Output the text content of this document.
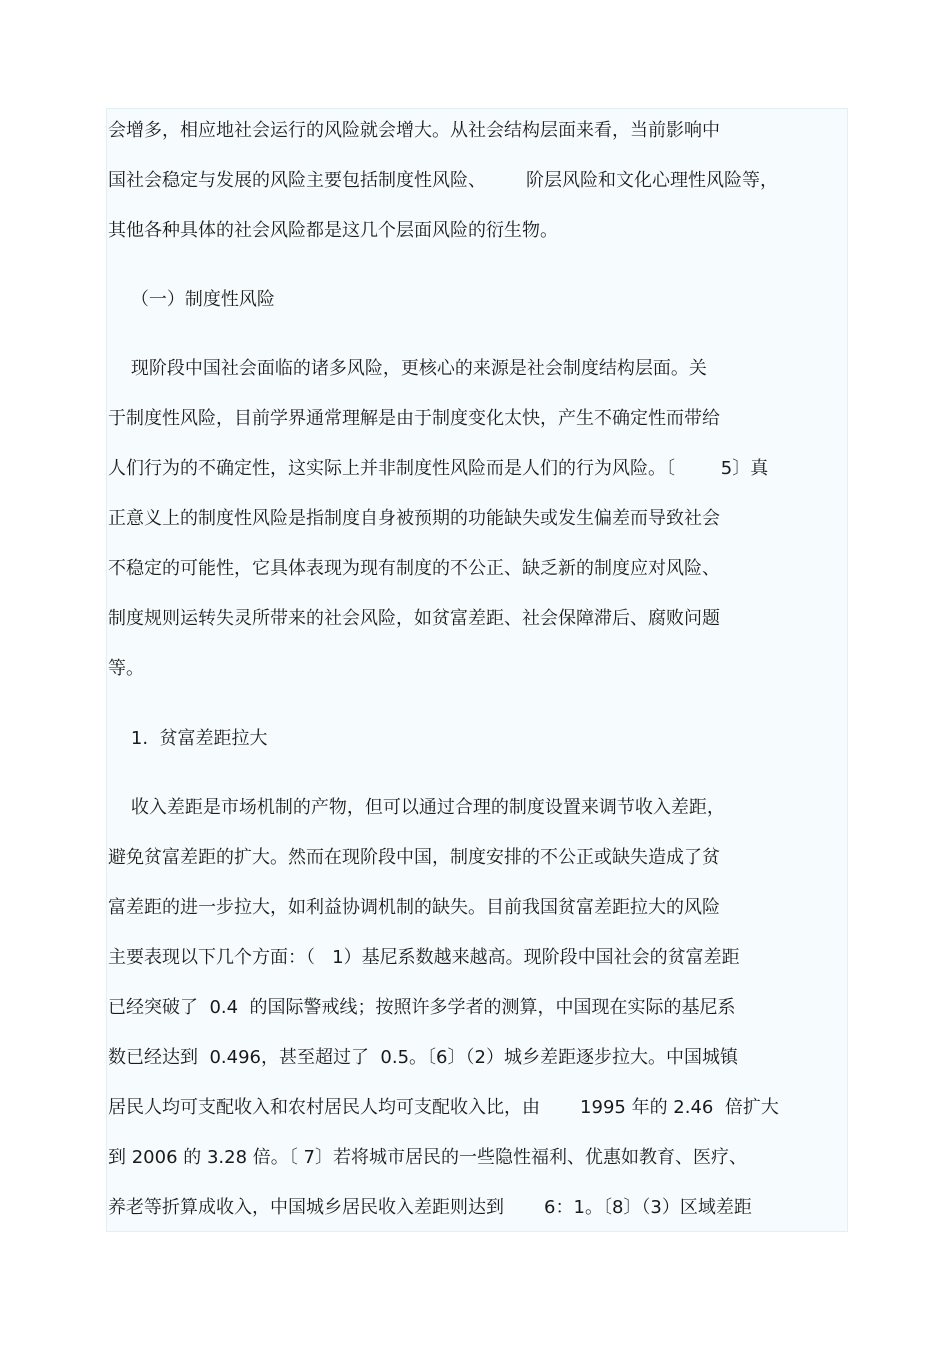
会增多，相应地社会运行的风险就会增大。从社会结构层面来看，当前影响中
国社会稳定与发展的风险主要包括制度性风险、       阶层风险和文化心理性风险等，
其他各种具体的社会风险都是这几个层面风险的衍生物。
（一）制度性风险
现阶段中国社会面临的诸多风险，更核心的来源是社会制度结构层面。关
于制度性风险，目前学界通常理解是由于制度变化太快，产生不确定性而带给
人们行为的不确定性，这实际上并非制度性风险而是人们的行为风险。〔        5〕真
正意义上的制度性风险是指制度自身被预期的功能缺失或发生偏差而导致社会
不稳定的可能性，它具体表现为现有制度的不公正、缺乏新的制度应对风险、
制度规则运转失灵所带来的社会风险，如贫富差距、社会保障滞后、腐败问题
等。
1.  贫富差距拉大
收入差距是市场机制的产物，但可以通过合理的制度设置来调节收入差距，
避免贫富差距的扩大。然而在现阶段中国，制度安排的不公正或缺失造成了贫
富差距的进一步拉大，如利益协调机制的缺失。目前我国贫富差距拉大的风险
主要表现以下几个方面：（   1）基尼系数越来越高。现阶段中国社会的贫富差距
已经突破了  0.4  的国际警戒线；按照许多学者的测算，中国现在实际的基尼系
数已经达到  0.496，甚至超过了  0.5。〔6〕（2）城乡差距逐步拉大。中国城镇
居民人均可支配收入和农村居民人均可支配收入比，由       1995 年的 2.46  倍扩大
到 2006 的 3.28 倍。〔 7〕若将城市居民的一些隐性福利、优惠如教育、医疗、
养老等折算成收入，中国城乡居民收入差距则达到       6：1。〔8〕（3）区域差距
